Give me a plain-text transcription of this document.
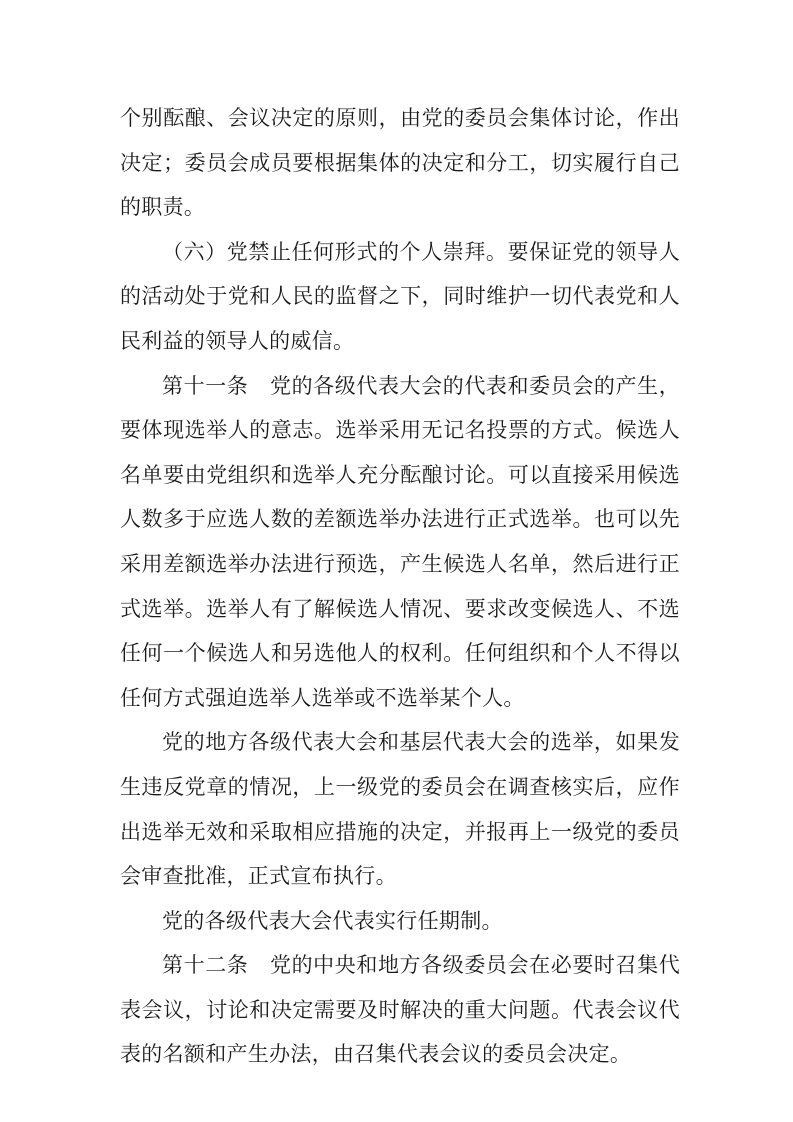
个别酝酿、会议决定的原则，由党的委员会集体讨论，作出决定；委员会成员要根据集体的决定和分工，切实履行自己的职责。

（六）党禁止任何形式的个人崇拜。要保证党的领导人的活动处于党和人民的监督之下，同时维护一切代表党和人民利益的领导人的威信。

第十一条　党的各级代表大会的代表和委员会的产生，要体现选举人的意志。选举采用无记名投票的方式。候选人名单要由党组织和选举人充分酝酿讨论。可以直接采用候选人数多于应选人数的差额选举办法进行正式选举。也可以先采用差额选举办法进行预选，产生候选人名单，然后进行正式选举。选举人有了解候选人情况、要求改变候选人、不选任何一个候选人和另选他人的权利。任何组织和个人不得以任何方式强迫选举人选举或不选举某个人。

党的地方各级代表大会和基层代表大会的选举，如果发生违反党章的情况，上一级党的委员会在调查核实后，应作出选举无效和采取相应措施的决定，并报再上一级党的委员会审查批准，正式宣布执行。

党的各级代表大会代表实行任期制。

第十二条　党的中央和地方各级委员会在必要时召集代表会议，讨论和决定需要及时解决的重大问题。代表会议代表的名额和产生办法，由召集代表会议的委员会决定。
